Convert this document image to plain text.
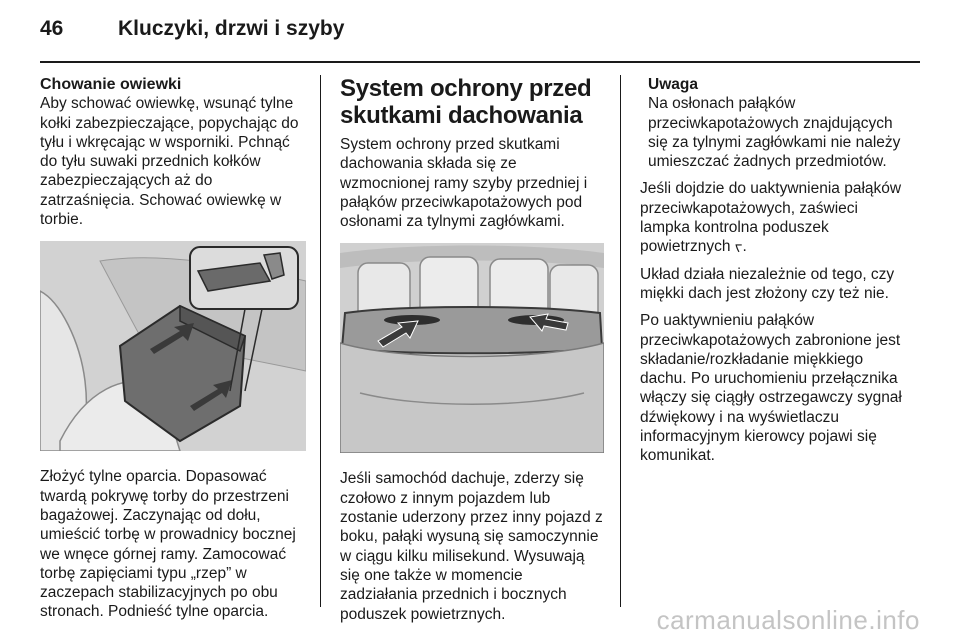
46	Kluczyki, drzwi i szyby
Chowanie owiewki

Aby schować owiewkę, wsunąć tylne kołki zabezpieczające, popychając do tyłu i wkręcając w wsporniki. Pchnąć do tyłu suwaki przednich kołków zabezpieczających aż do zatrzaśnięcia. Schować owiewkę w torbie.

Złożyć tylne oparcia. Dopasować twardą pokrywę torby do przestrzeni bagażowej. Zaczynając od dołu, umieścić torbę w prowadnicy bocznej we wnęce górnej ramy. Zamocować torbę zapięciami typu „rzep” w zaczepach stabilizacyjnych po obu stronach. Podnieść tylne oparcia.

System ochrony przed skutkami dachowania

System ochrony przed skutkami dachowania składa się ze wzmocnionej ramy szyby przedniej i pałąków przeciwkapotażowych pod osłonami za tylnymi zagłówkami.

Jeśli samochód dachuje, zderzy się czołowo z innym pojazdem lub zostanie uderzony przez inny pojazd z boku, pałąki wysuną się samoczynnie w ciągu kilku milisekund. Wysuwają się one także w momencie zadziałania przednich i bocznych poduszek powietrznych.

Uwaga

Na osłonach pałąków przeciwkapotażowych znajdujących się za tylnymi zagłówkami nie należy umieszczać żadnych przedmiotów.

Jeśli dojdzie do uaktywnienia pałąków przeciwkapotażowych, zaświeci lampka kontrolna poduszek powietrznych ᡕ.

Układ działa niezależnie od tego, czy miękki dach jest złożony czy też nie.

Po uaktywnieniu pałąków przeciwkapotażowych zabronione jest składanie/rozkładanie miękkiego dachu. Po uruchomieniu przełącznika włączy się ciągły ostrzegawczy sygnał dźwiękowy i na wyświetlaczu informacyjnym kierowcy pojawi się komunikat.

carmanualsonline.info
